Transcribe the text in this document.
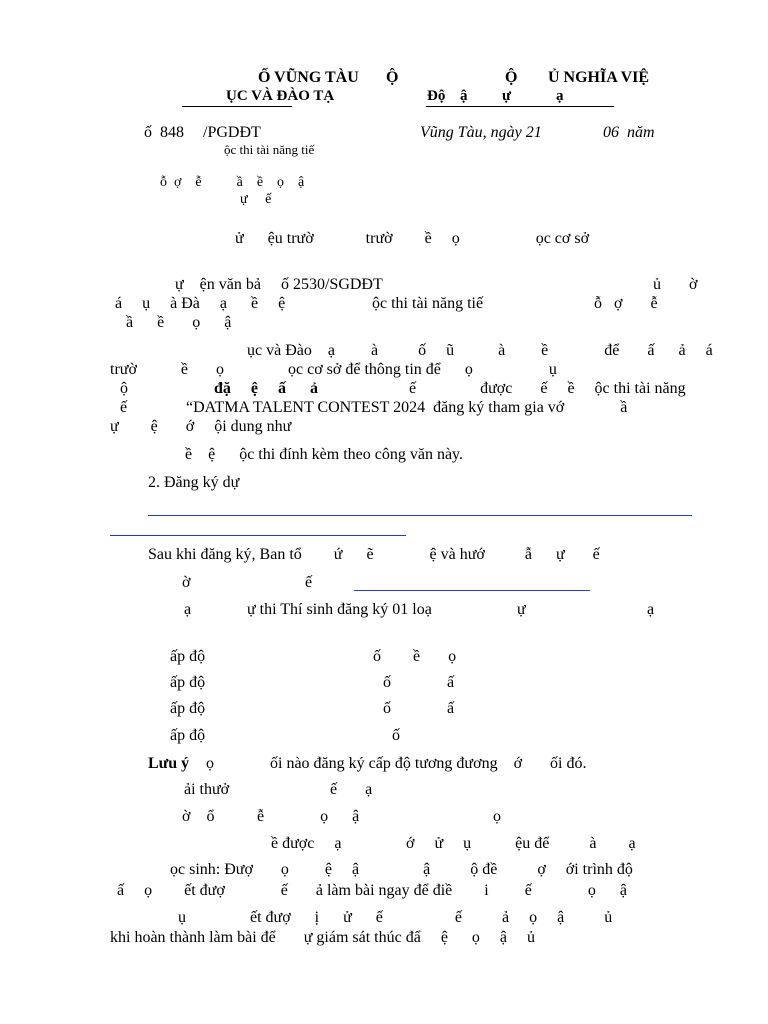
Ố VŨNG TÀU Ộ	Ộ Ủ NGHĨA VIỆ
ỤC VÀ ĐÀO TẠ	Độ ậ ự	ạ
ố  848 /PGDĐT	Vũng Tàu, ngày 21	06  năm
ộc thi tài năng tiế
ỗ  ợ    ễ          ầ    ề    ọ    ậ
ự     ế
ử      ệu trườ             trườ        ề     ọ                   ọc cơ sở
ự    ện văn bả     ố 2530/SGDĐT	ủ       ờ
á     ụ     à Đà     ạ      ề     ệ	ộc thi tài năng tiế	ỗ   ợ       ễ
ầ      ề       ọ      ậ
ục và Đào    ạ         à          ố     ũ           à         ề              để       ấ      ả     á
trườ           ề       ọ                ọc cơ sở để thông tin để      ọ                   ụ
ộ	đặ     ệ     ấ      ả	ế                được       ế     ề     ộc thi tài năng
ế	“DATMA TALENT CONTEST 2024  đăng ký tham gia vớ              ầ
ự        ệ       ớ     ội dung như
ề    ệ      ộc thi đính kèm theo công văn này.
2. Đăng ký dự
Sau khi đăng ký, Ban tổ        ứ      ẽ              ệ và hướ          ẫ      ự       ế
ờ	ế
ạ	ự thi Thí sinh đăng ký 01 loạ	ự	ạ
ấp độ	ố        ề       ọ
ấp độ	ố              ấ
ấp độ	ố              ấ
ấp độ	ố
Lưu ý ọ              ối nào đăng ký cấp độ tương đương    ớ       ối đó.
ải thưở	ế       ạ
ờ    ổ	ễ              ọ      ậ	ọ
ề được     ạ	ớ     ử     ụ           ệu để          à        ạ
ọc sinh: Đượ       ọ         ệ     ậ                ậ          ộ đề          ợ     ới trình độ
ấ     ọ        ết đượ              ế       ả làm bài ngay để điề        i         ế              ọ      ậ
ụ                ết đượ      ị      ử      ế                  ế          ả     ọ     ậ          ủ
khi hoàn thành làm bài để       ự giám sát thúc đẩ     ệ      ọ     ậ     ủ
